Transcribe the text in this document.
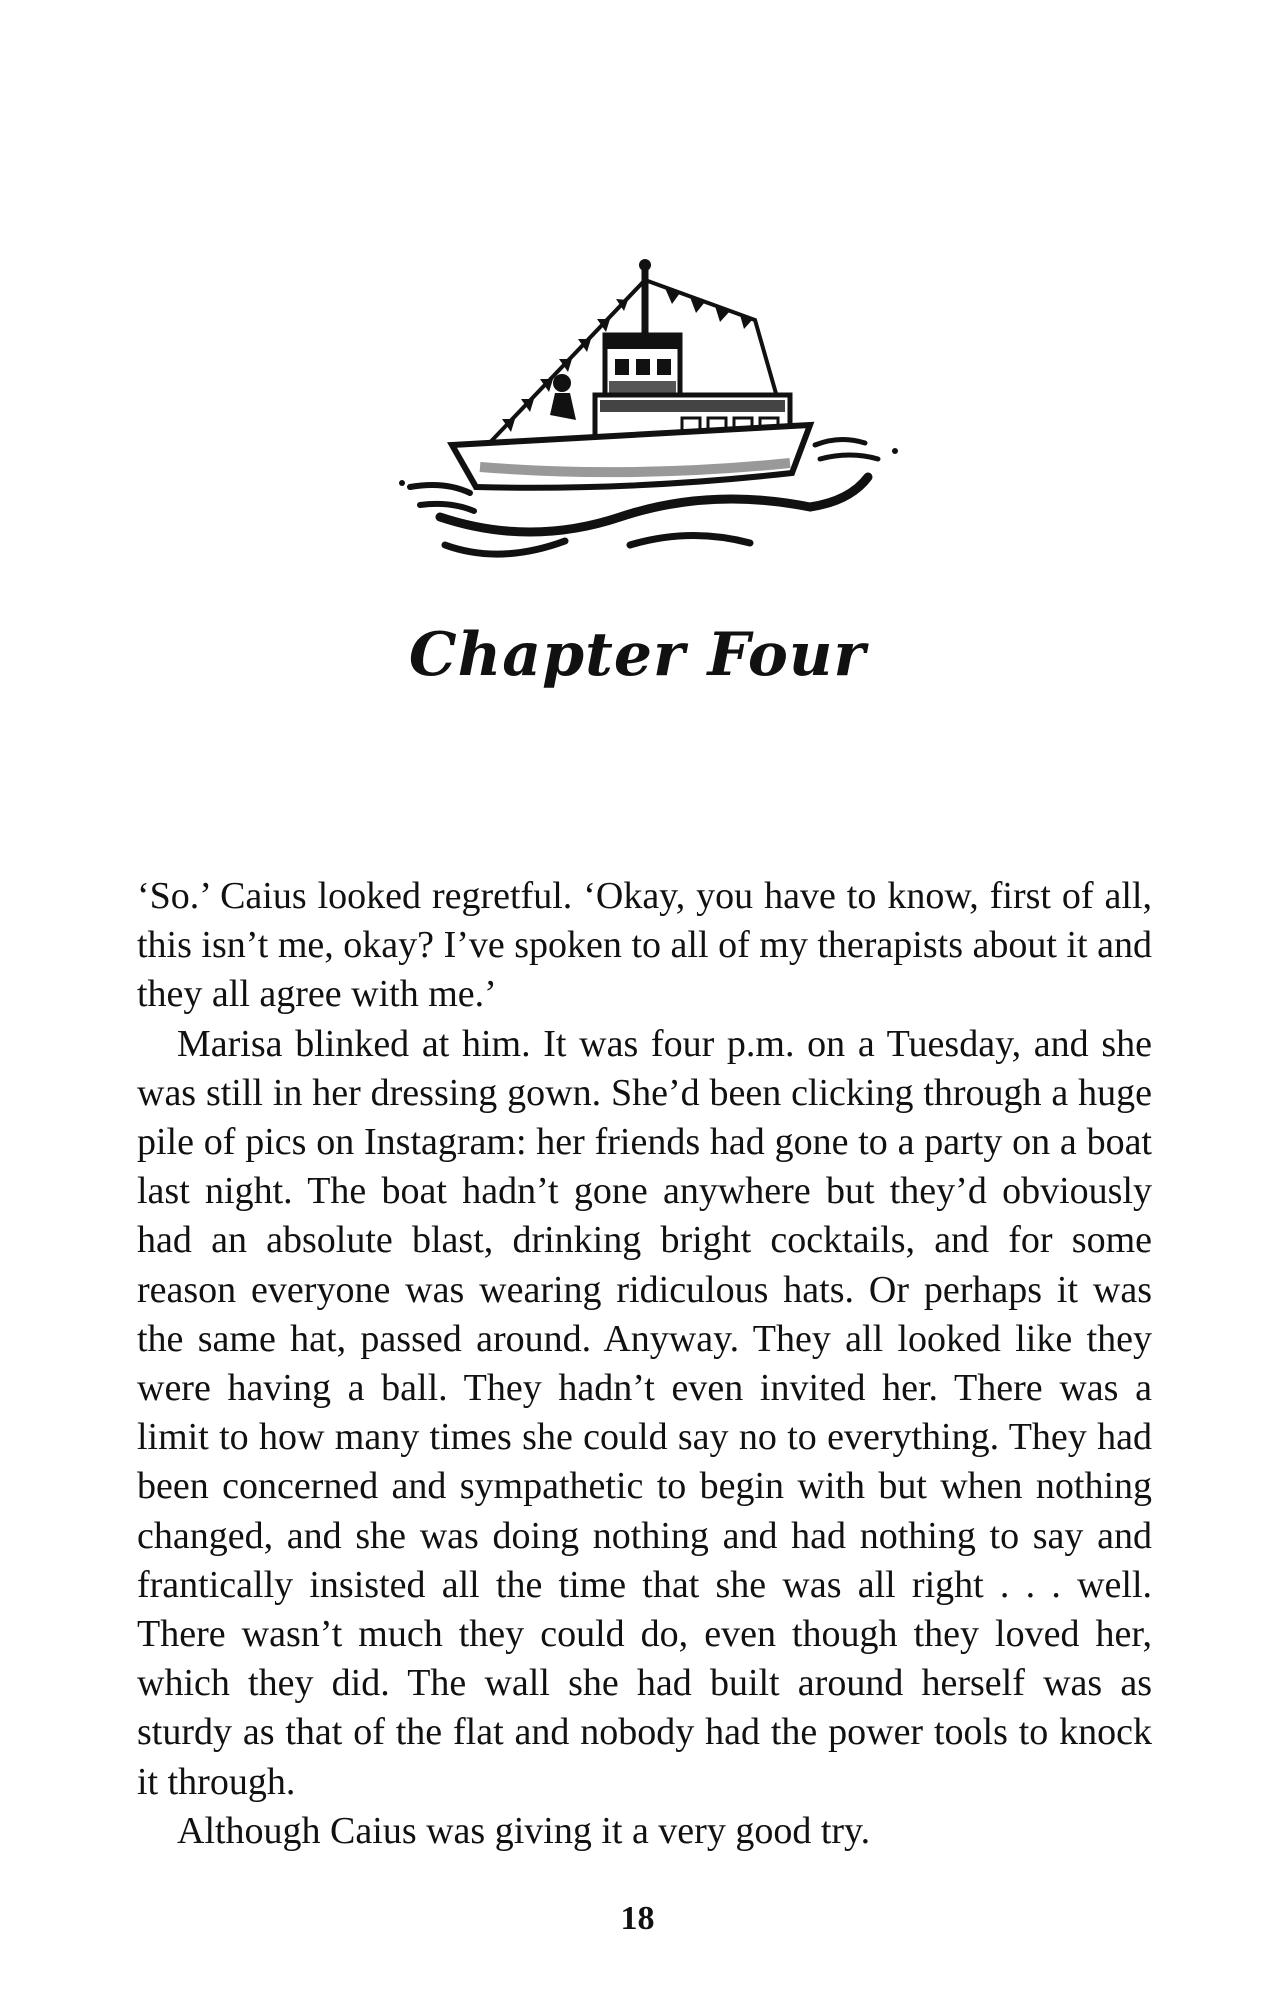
Chapter Four

‘So.’ Caius looked regretful. ‘Okay, you have to know, first of all, this isn’t me, okay? I’ve spoken to all of my therapists about it and they all agree with me.’

Marisa blinked at him. It was four p.m. on a Tuesday, and she was still in her dressing gown. She’d been clicking through a huge pile of pics on Instagram: her friends had gone to a party on a boat last night. The boat hadn’t gone anywhere but they’d obviously had an absolute blast, drinking bright cocktails, and for some reason everyone was wearing ridiculous hats. Or perhaps it was the same hat, passed around. Anyway. They all looked like they were having a ball. They hadn’t even invited her. There was a limit to how many times she could say no to everything. They had been concerned and sympathetic to begin with but when nothing changed, and she was doing nothing and had nothing to say and frantically insisted all the time that she was all right . . . well. There wasn’t much they could do, even though they loved her, which they did. The wall she had built around herself was as sturdy as that of the flat and nobody had the power tools to knock it through.

Although Caius was giving it a very good try.

18
